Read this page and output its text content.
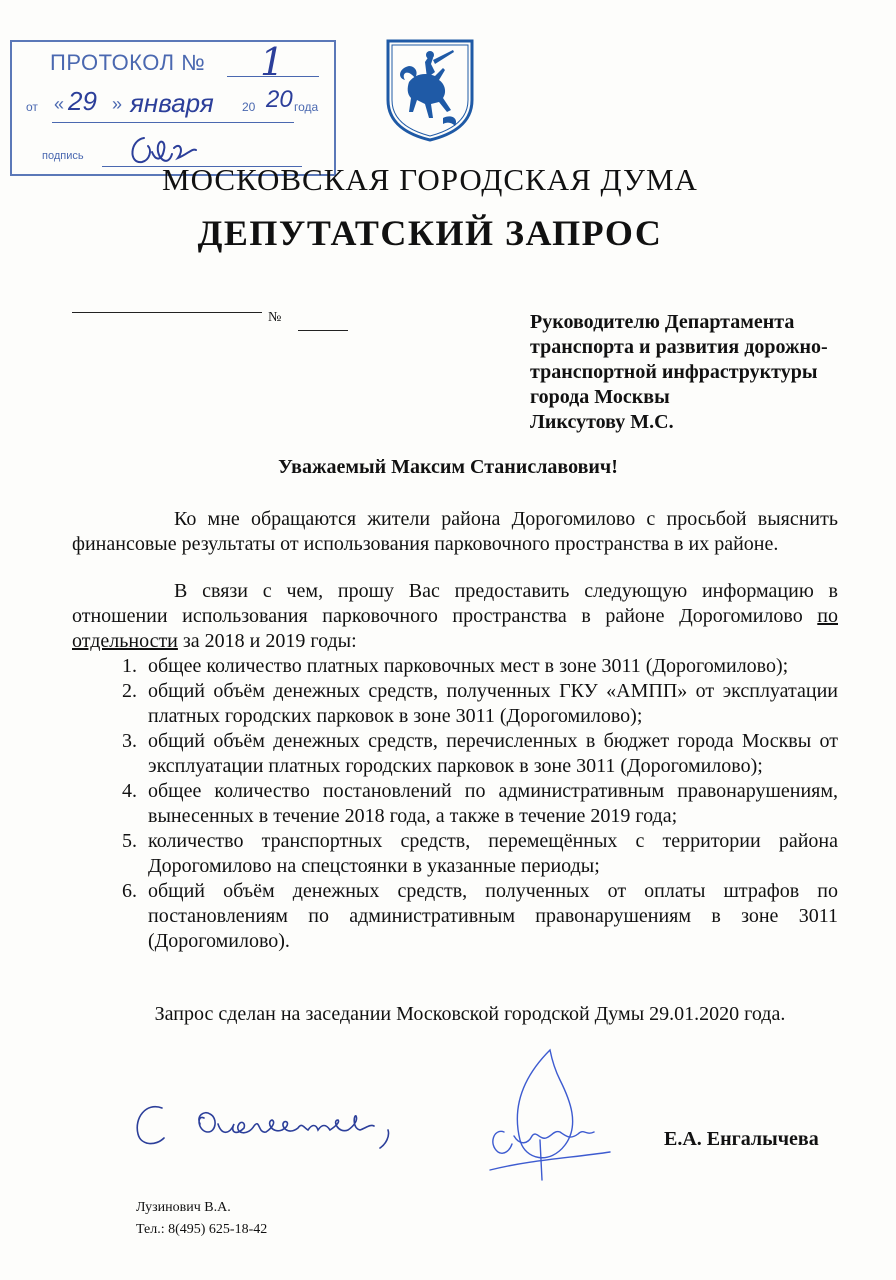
ПРОТОКОЛ № 1
от « 29 » января 20 20 года
подпись
МОСКОВСКАЯ ГОРОДСКАЯ ДУМА
ДЕПУТАТСКИЙ ЗАПРОС
№	Руководителю Департамента
транспорта и развития дорожно-
транспортной инфраструктуры
города Москвы
Ликсутову М.С.
Уважаемый Максим Станиславович!
Ко мне обращаются жители района Дорогомилово с просьбой выяснить финансовые результаты от использования парковочного пространства в их районе.
В связи с чем, прошу Вас предоставить следующую информацию в отношении использования парковочного пространства в районе Дорогомилово по отдельности за 2018 и 2019 годы:
1. общее количество платных парковочных мест в зоне 3011 (Дорогомилово);
2. общий объём денежных средств, полученных ГКУ «АМПП» от эксплуатации платных городских парковок в зоне 3011 (Дорогомилово);
3. общий объём денежных средств, перечисленных в бюджет города Москвы от эксплуатации платных городских парковок в зоне 3011 (Дорогомилово);
4. общее количество постановлений по административным правонарушениям, вынесенных в течение 2018 года, а также в течение 2019 года;
5. количество транспортных средств, перемещённых с территории района Дорогомилово на спецстоянки в указанные периоды;
6. общий объём денежных средств, полученных от оплаты штрафов по постановлениям по административным правонарушениям в зоне 3011 (Дорогомилово).
Запрос сделан на заседании Московской городской Думы 29.01.2020 года.
Е.А. Енгалычева
Лузинович В.А.
Тел.: 8(495) 625-18-42
